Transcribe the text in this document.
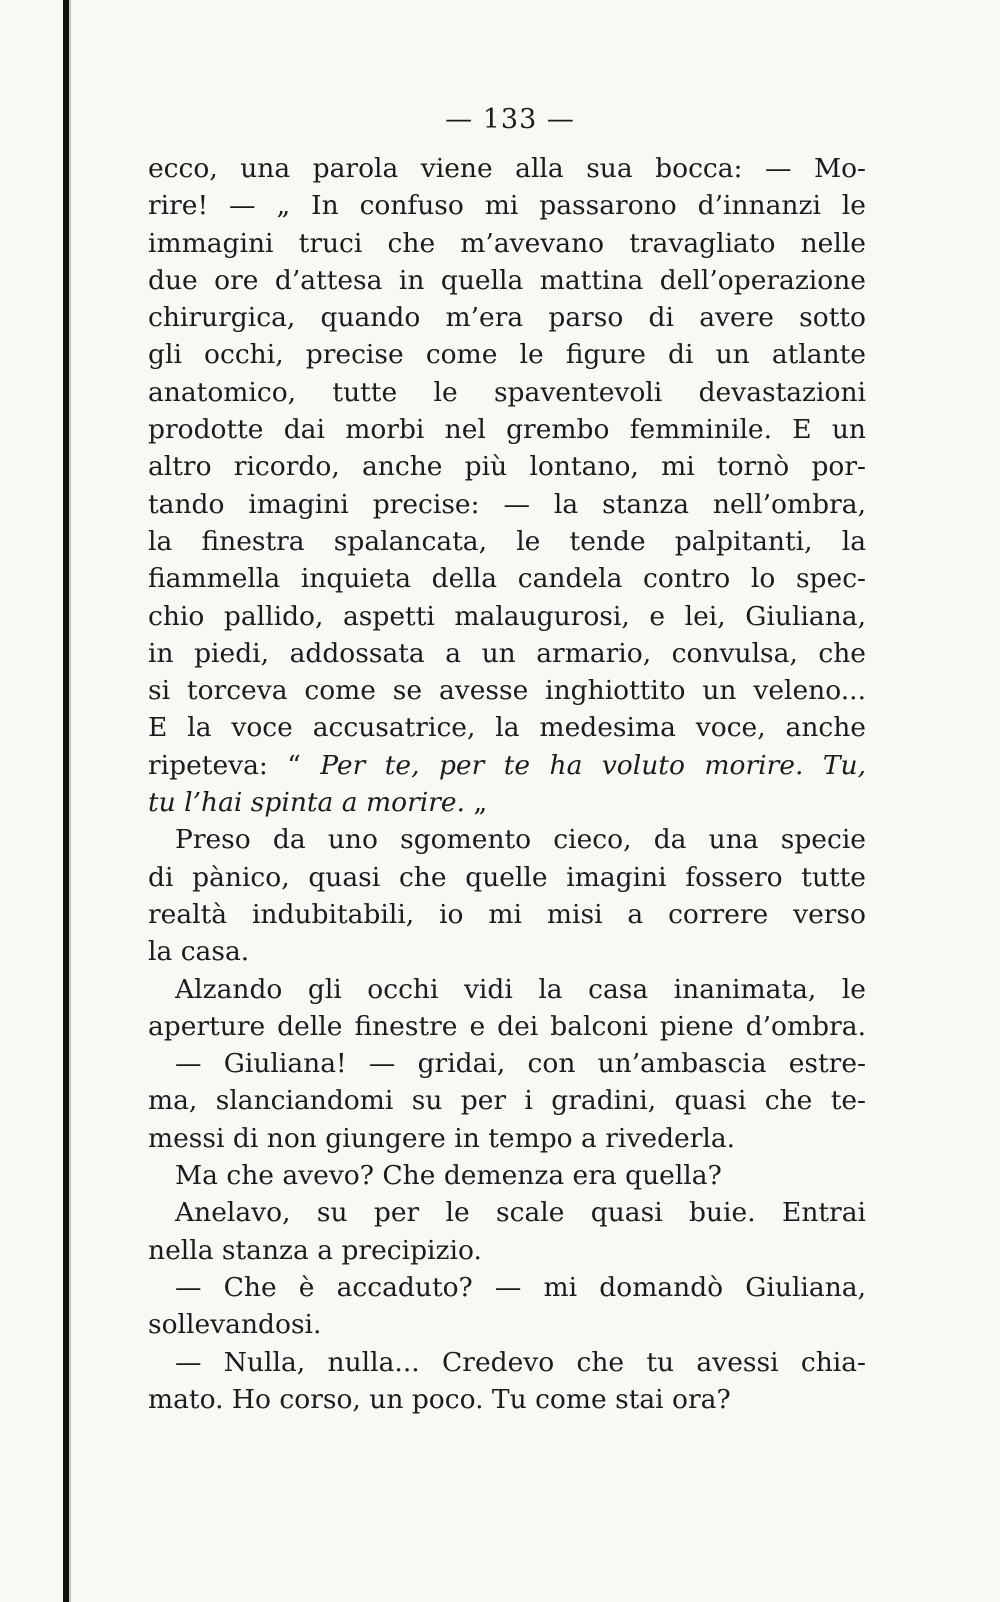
— 133 —
ecco, una parola viene alla sua bocca: — Mo-
rire! — „ In confuso mi passarono d’innanzi le
immagini truci che m’avevano travagliato nelle
due ore d’attesa in quella mattina dell’operazione
chirurgica, quando m’era parso di avere sotto
gli occhi, precise come le figure di un atlante
anatomico, tutte le spaventevoli devastazioni
prodotte dai morbi nel grembo femminile. E un
altro ricordo, anche più lontano, mi tornò por-
tando imagini precise: — la stanza nell’ombra,
la finestra spalancata, le tende palpitanti, la
fiammella inquieta della candela contro lo spec-
chio pallido, aspetti malaugurosi, e lei, Giuliana,
in piedi, addossata a un armario, convulsa, che
si torceva come se avesse inghiottito un veleno...
E la voce accusatrice, la medesima voce, anche
ripeteva: “ Per te, per te ha voluto morire. Tu,
tu l’hai spinta a morire. „
Preso da uno sgomento cieco, da una specie
di pànico, quasi che quelle imagini fossero tutte
realtà indubitabili, io mi misi a correre verso
la casa.
Alzando gli occhi vidi la casa inanimata, le
aperture delle finestre e dei balconi piene d’ombra.
— Giuliana! — gridai, con un’ambascia estre-
ma, slanciandomi su per i gradini, quasi che te-
messi di non giungere in tempo a rivederla.
Ma che avevo? Che demenza era quella?
Anelavo, su per le scale quasi buie. Entrai
nella stanza a precipizio.
— Che è accaduto? — mi domandò Giuliana,
sollevandosi.
— Nulla, nulla... Credevo che tu avessi chia-
mato. Ho corso, un poco. Tu come stai ora?
